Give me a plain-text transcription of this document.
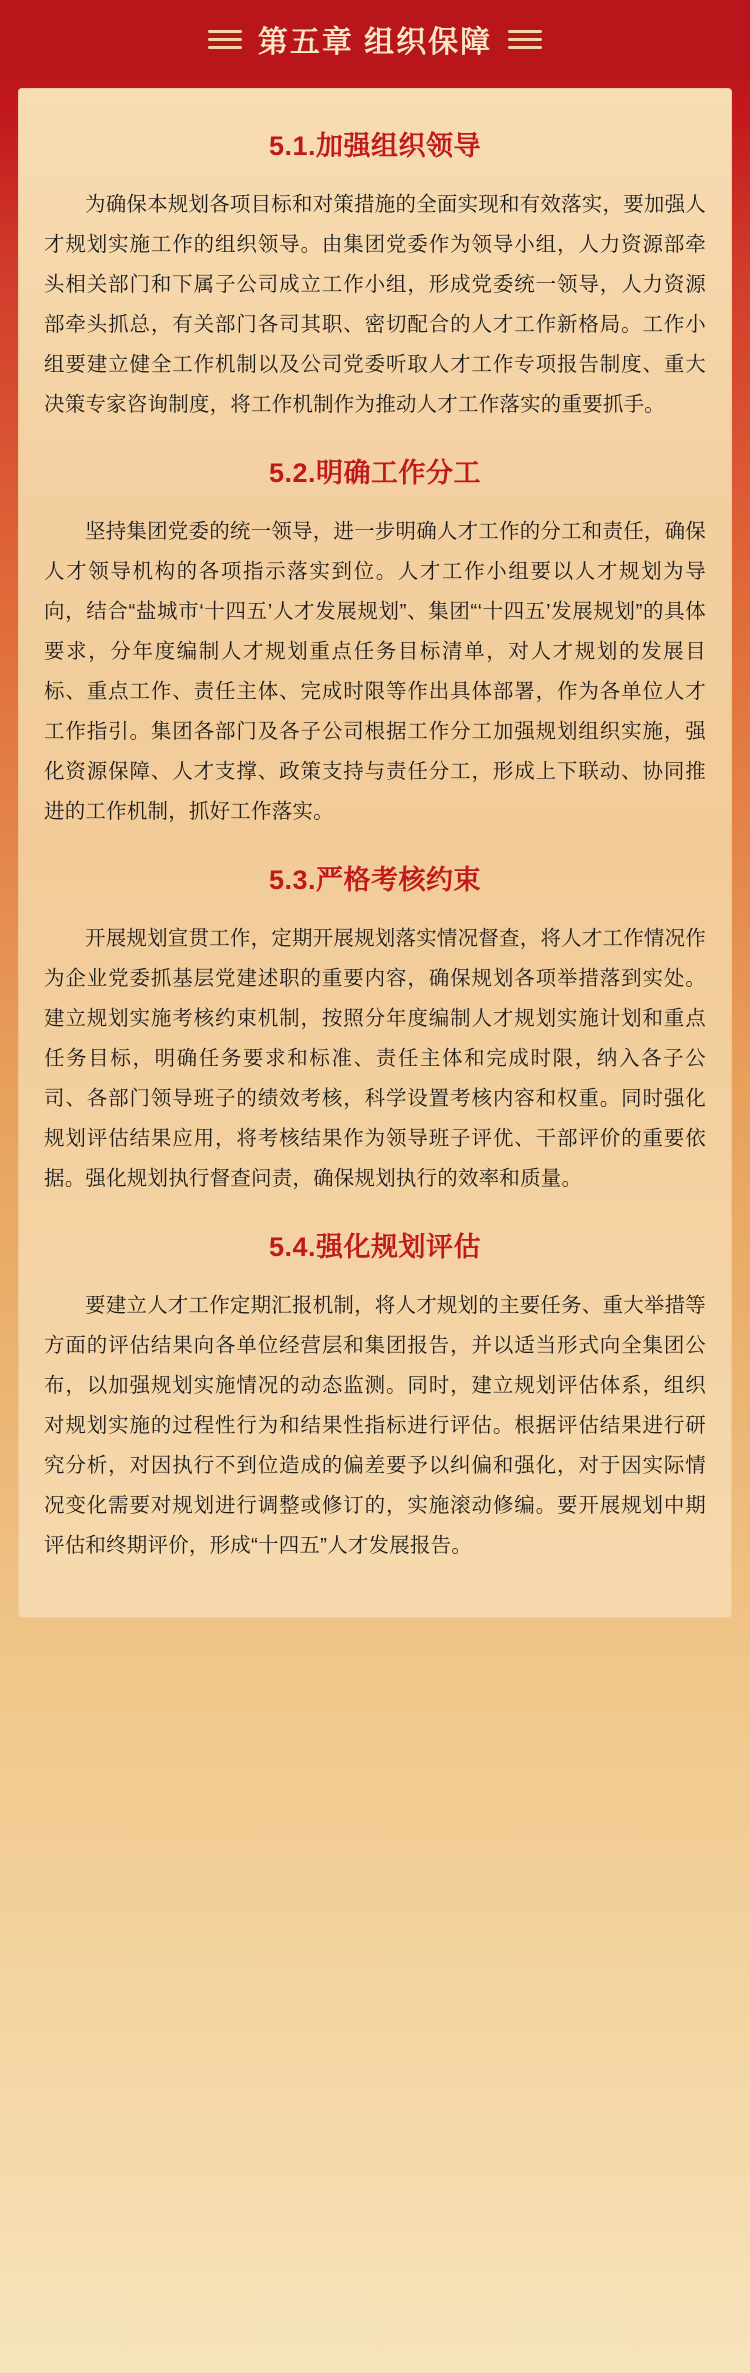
第五章 组织保障
5.1.加强组织领导

为确保本规划各项目标和对策措施的全面实现和有效落实，要加强人才规划实施工作的组织领导。由集团党委作为领导小组，人力资源部牵头相关部门和下属子公司成立工作小组，形成党委统一领导，人力资源部牵头抓总，有关部门各司其职、密切配合的人才工作新格局。工作小组要建立健全工作机制以及公司党委听取人才工作专项报告制度、重大决策专家咨询制度，将工作机制作为推动人才工作落实的重要抓手。

5.2.明确工作分工

坚持集团党委的统一领导，进一步明确人才工作的分工和责任，确保人才领导机构的各项指示落实到位。人才工作小组要以人才规划为导向，结合“盐城市‘十四五’人才发展规划”、集团“‘十四五’发展规划”的具体要求，分年度编制人才规划重点任务目标清单，对人才规划的发展目标、重点工作、责任主体、完成时限等作出具体部署，作为各单位人才工作指引。集团各部门及各子公司根据工作分工加强规划组织实施，强化资源保障、人才支撑、政策支持与责任分工，形成上下联动、协同推进的工作机制，抓好工作落实。

5.3.严格考核约束

开展规划宣贯工作，定期开展规划落实情况督查，将人才工作情况作为企业党委抓基层党建述职的重要内容，确保规划各项举措落到实处。建立规划实施考核约束机制，按照分年度编制人才规划实施计划和重点任务目标，明确任务要求和标准、责任主体和完成时限，纳入各子公司、各部门领导班子的绩效考核，科学设置考核内容和权重。同时强化规划评估结果应用，将考核结果作为领导班子评优、干部评价的重要依据。强化规划执行督查问责，确保规划执行的效率和质量。

5.4.强化规划评估

要建立人才工作定期汇报机制，将人才规划的主要任务、重大举措等方面的评估结果向各单位经营层和集团报告，并以适当形式向全集团公布，以加强规划实施情况的动态监测。同时，建立规划评估体系，组织对规划实施的过程性行为和结果性指标进行评估。根据评估结果进行研究分析，对因执行不到位造成的偏差要予以纠偏和强化，对于因实际情况变化需要对规划进行调整或修订的，实施滚动修编。要开展规划中期评估和终期评价，形成“十四五”人才发展报告。
